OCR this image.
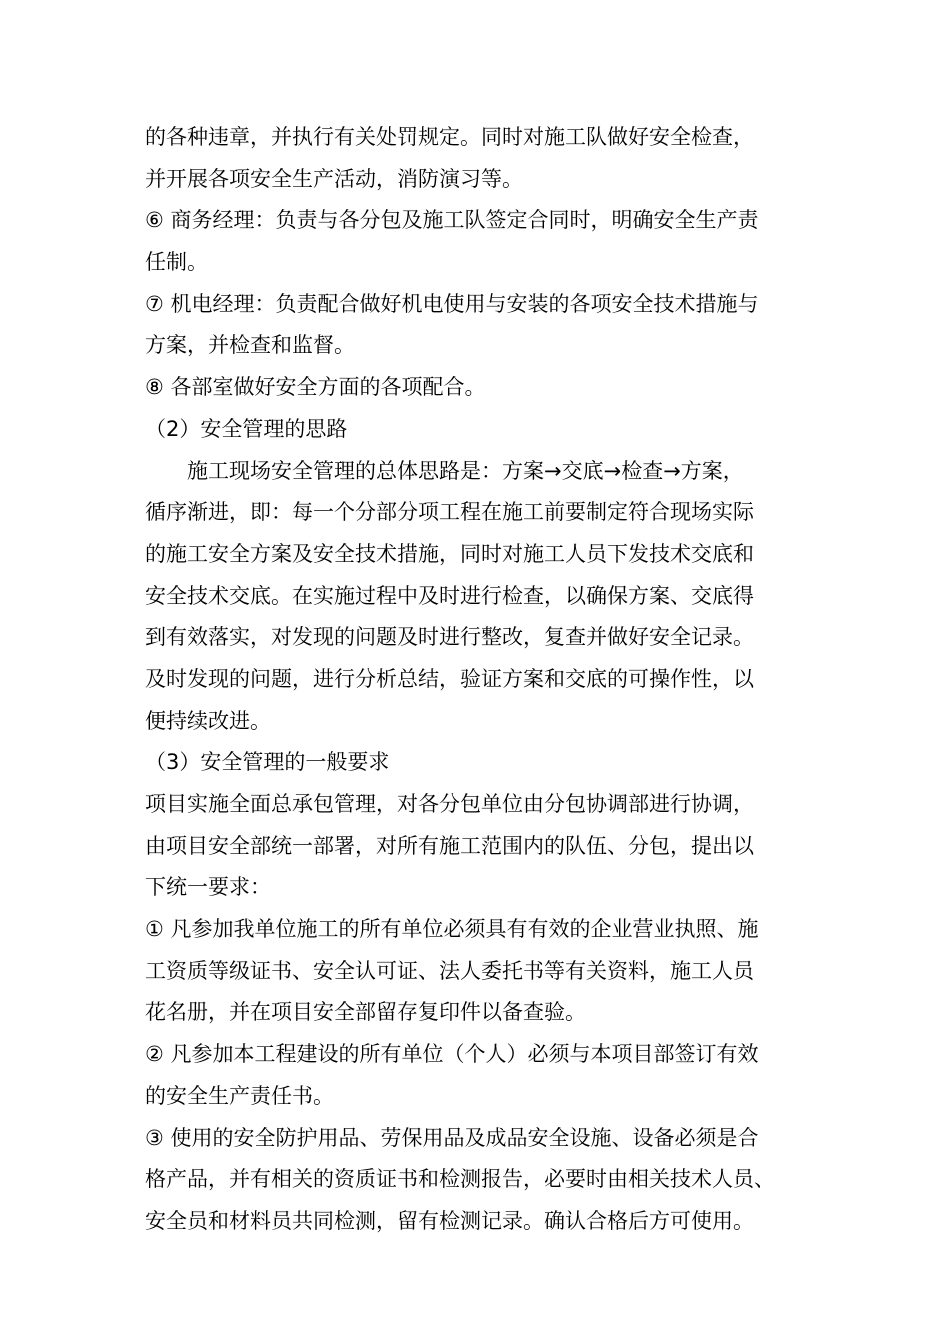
的各种违章，并执行有关处罚规定。同时对施工队做好安全检查，

并开展各项安全生产活动，消防演习等。

⑥ 商务经理：负责与各分包及施工队签定合同时，明确安全生产责

任制。

⑦ 机电经理：负责配合做好机电使用与安装的各项安全技术措施与

方案，并检查和监督。

⑧ 各部室做好安全方面的各项配合。

（2）安全管理的思路

　　施工现场安全管理的总体思路是：方案→交底→检查→方案，

循序渐进，即：每一个分部分项工程在施工前要制定符合现场实际

的施工安全方案及安全技术措施，同时对施工人员下发技术交底和

安全技术交底。在实施过程中及时进行检查，以确保方案、交底得

到有效落实，对发现的问题及时进行整改，复查并做好安全记录。

及时发现的问题，进行分析总结，验证方案和交底的可操作性，以

便持续改进。

（3）安全管理的一般要求

项目实施全面总承包管理，对各分包单位由分包协调部进行协调，

由项目安全部统一部署，对所有施工范围内的队伍、分包，提出以

下统一要求：

① 凡参加我单位施工的所有单位必须具有有效的企业营业执照、施

工资质等级证书、安全认可证、法人委托书等有关资料，施工人员

花名册，并在项目安全部留存复印件以备查验。

② 凡参加本工程建设的所有单位（个人）必须与本项目部签订有效

的安全生产责任书。

③ 使用的安全防护用品、劳保用品及成品安全设施、设备必须是合

格产品，并有相关的资质证书和检测报告，必要时由相关技术人员、

安全员和材料员共同检测，留有检测记录。确认合格后方可使用。
